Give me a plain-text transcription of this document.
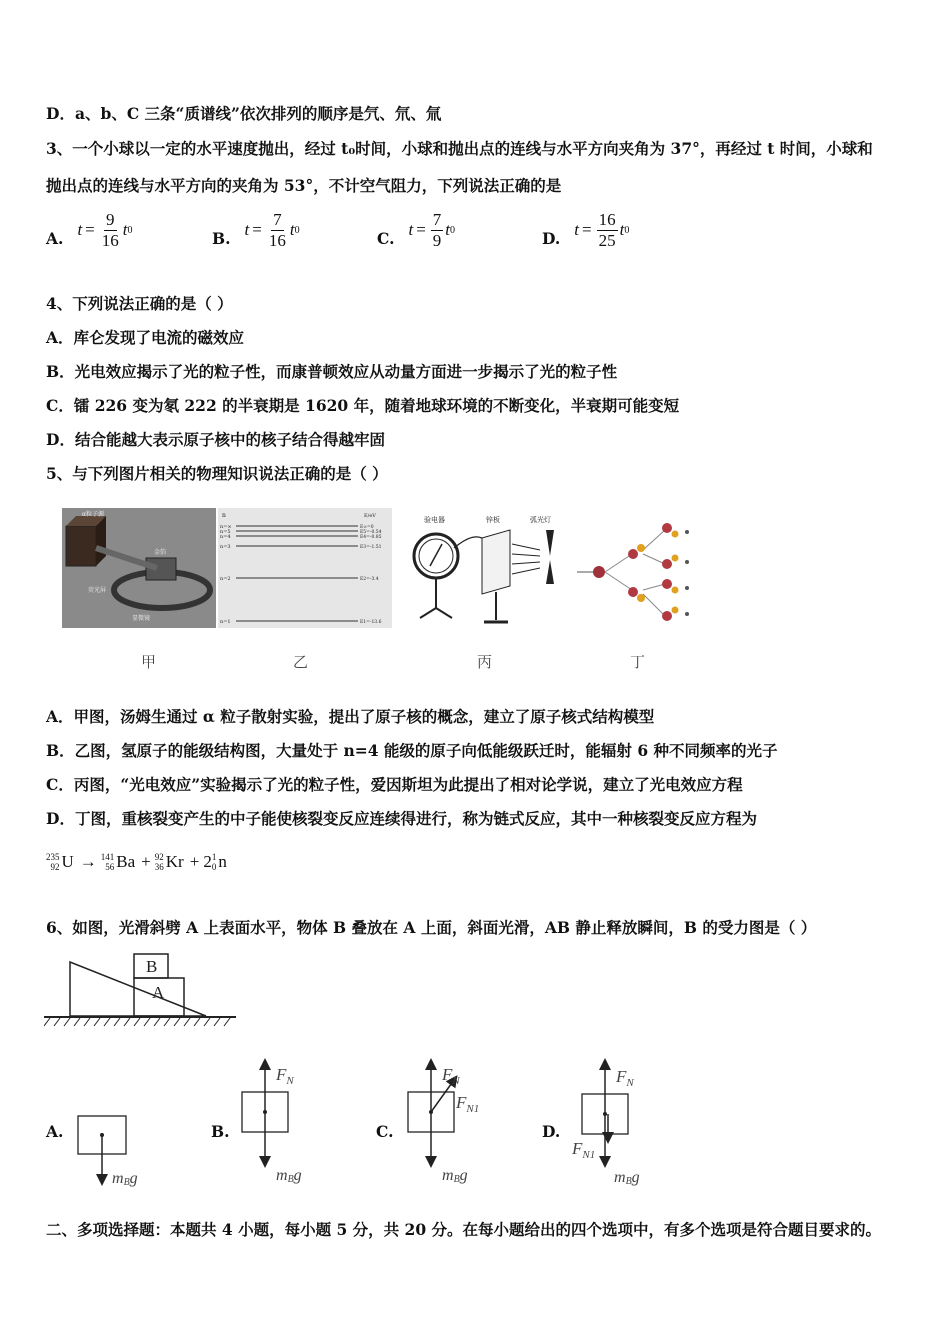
D．a、b、C 三条“质谱线”依次排列的顺序是氕、氘、氚
3、一个小球以一定的水平速度抛出，经过 t₀时间，小球和抛出点的连线与水平方向夹角为 37°，再经过 t 时间，小球和
抛出点的连线与水平方向的夹角为 53°，不计空气阻力，下列说法正确的是
A. $t = \frac{9}{16}$ t 0	B. $t = \frac{7}{16}$ t 0	C. $t = \frac{7}{9}$ t 0	D. $t = \frac{16}{25}$ t 0
4、下列说法正确的是（ ）
A．库仑发现了电流的磁效应
B．光电效应揭示了光的粒子性，而康普顿效应从动量方面进一步揭示了光的粒子性
C．镭 226 变为氡 222 的半衰期是 1620 年，随着地球环境的不断变化，半衰期可能变短
D．结合能越大表示原子核中的核子结合得越牢固
5、与下列图片相关的物理知识说法正确的是（ ）
α粒子源
金箔
荧光屏
显微镜
n
n=∞
n=5
n=4
n=3
n=2
n=1
E/eV
E∞=0
E5=-0.54
E4=-0.85
E3=-1.51
E2=-3.4
E1=-13.6
验电器	锌板	弧光灯
甲	乙	丙	丁
A．甲图，汤姆生通过 α 粒子散射实验，提出了原子核的概念，建立了原子核式结构模型
B．乙图，氢原子的能级结构图，大量处于 n=4 能级的原子向低能级跃迁时，能辐射 6 种不同频率的光子
C．丙图，“光电效应”实验揭示了光的粒子性，爱因斯坦为此提出了相对论学说，建立了光电效应方程
D．丁图，重核裂变产生的中子能使核裂变反应连续得进行，称为链式反应，其中一种核裂变反应方程为
235
92 U → 141
56 Ba + 92
36 Kr + 2 1
0 n
6、如图，光滑斜劈 A 上表面水平，物体 B 叠放在 A 上面，斜面光滑，AB 静止释放瞬间，B 的受力图是（ ）
B
A
A.
mBg
B.
$F_N$
mBg
C.
$F_N$
$F_{N1}$
mBg
D.
$F_N$
$F_{N1}$
mBg
二、多项选择题：本题共 4 小题，每小题 5 分，共 20 分。在每小题给出的四个选项中，有多个选项是符合题目要求的。
